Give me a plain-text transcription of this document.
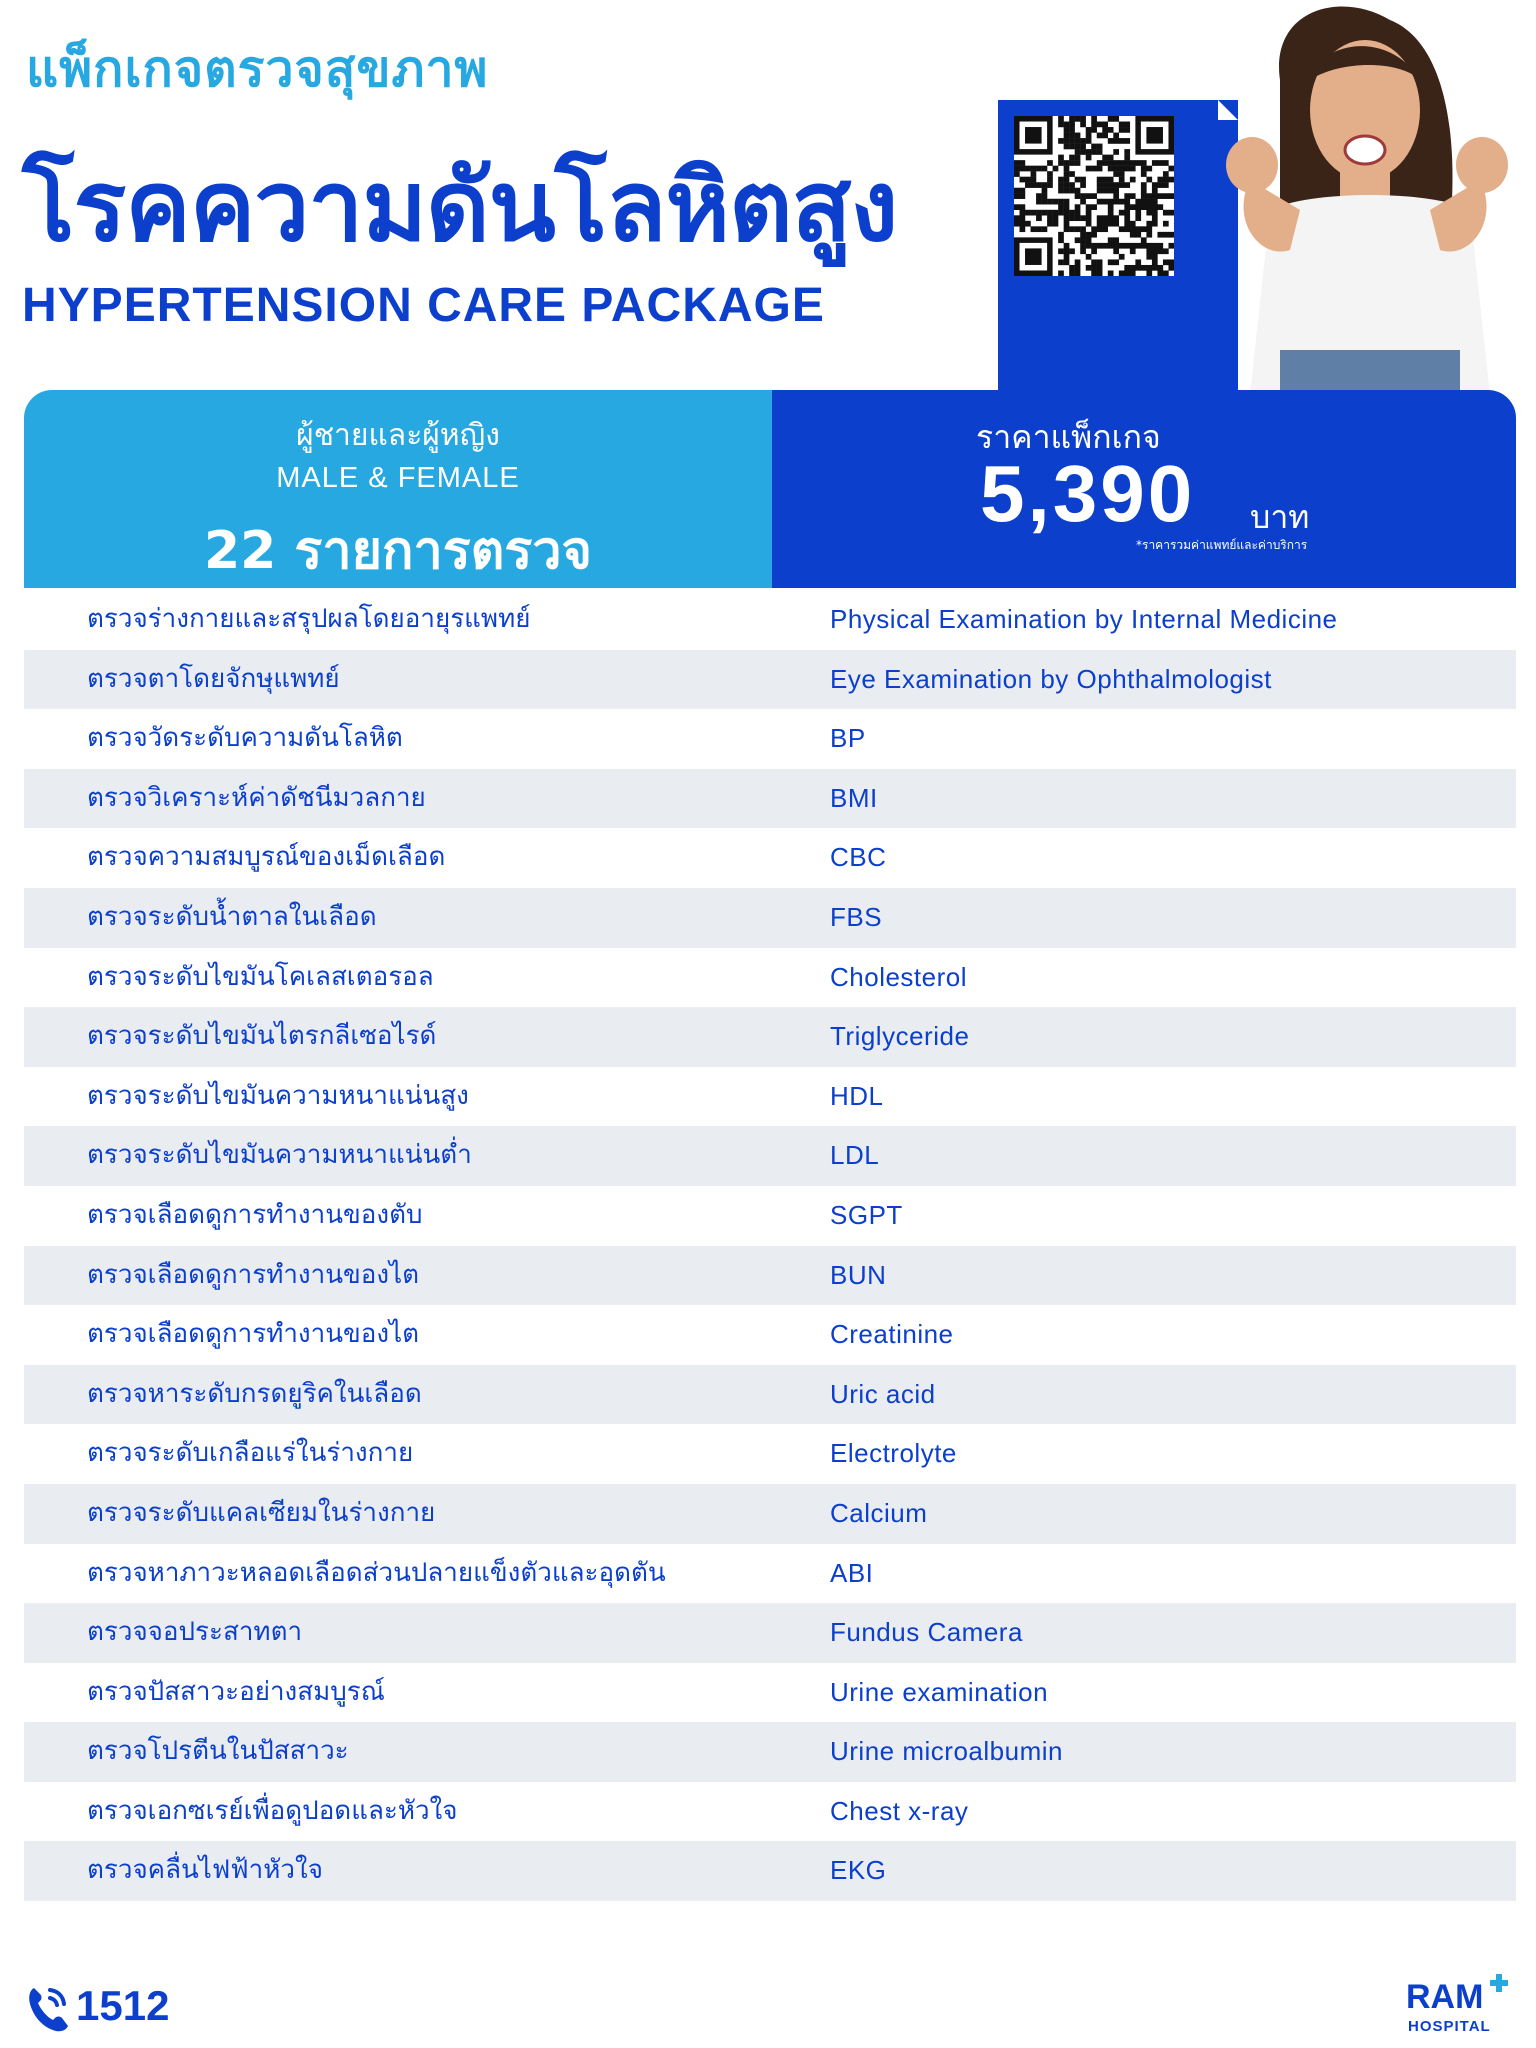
แพ็กเกจตรวจสุขภาพ
โรคความดันโลหิตสูง
HYPERTENSION CARE PACKAGE
ผู้ชายและผู้หญิง
MALE & FEMALE
22 รายการตรวจ
ราคาแพ็กเกจ
5,390 บาท
*ราคารวมค่าแพทย์และค่าบริการ
ตรวจร่างกายและสรุปผลโดยอายุรแพทย์	Physical Examination by Internal Medicine
ตรวจตาโดยจักษุแพทย์	Eye Examination by Ophthalmologist
ตรวจวัดระดับความดันโลหิต	BP
ตรวจวิเคราะห์ค่าดัชนีมวลกาย	BMI
ตรวจความสมบูรณ์ของเม็ดเลือด	CBC
ตรวจระดับน้ำตาลในเลือด	FBS
ตรวจระดับไขมันโคเลสเตอรอล	Cholesterol
ตรวจระดับไขมันไตรกลีเซอไรด์	Triglyceride
ตรวจระดับไขมันความหนาแน่นสูง	HDL
ตรวจระดับไขมันความหนาแน่นต่ำ	LDL
ตรวจเลือดดูการทำงานของตับ	SGPT
ตรวจเลือดดูการทำงานของไต	BUN
ตรวจเลือดดูการทำงานของไต	Creatinine
ตรวจหาระดับกรดยูริคในเลือด	Uric acid
ตรวจระดับเกลือแร่ในร่างกาย	Electrolyte
ตรวจระดับแคลเซียมในร่างกาย	Calcium
ตรวจหาภาวะหลอดเลือดส่วนปลายแข็งตัวและอุดตัน	ABI
ตรวจจอประสาทตา	Fundus Camera
ตรวจปัสสาวะอย่างสมบูรณ์	Urine examination
ตรวจโปรตีนในปัสสาวะ	Urine microalbumin
ตรวจเอกซเรย์เพื่อดูปอดและหัวใจ	Chest x-ray
ตรวจคลื่นไฟฟ้าหัวใจ	EKG
1512	RAM
HOSPITAL
